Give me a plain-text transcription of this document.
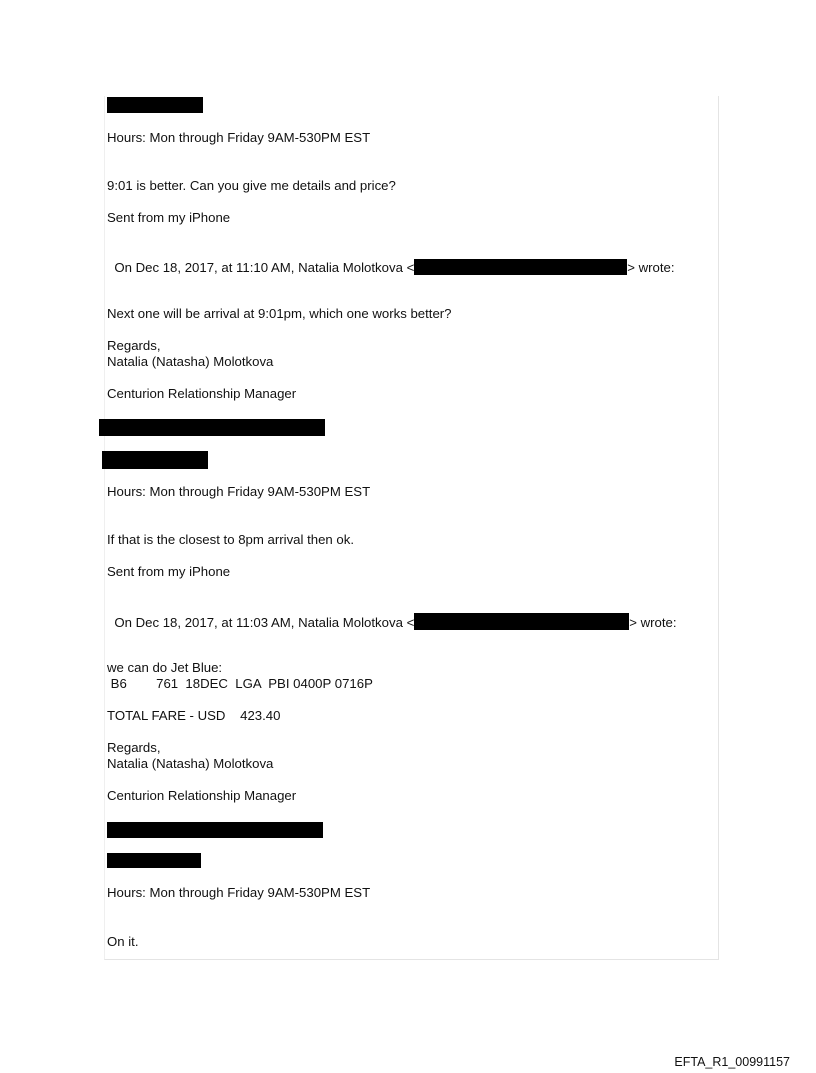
Hours: Mon through Friday 9AM-530PM EST
9:01 is better. Can you give me details and price?
Sent from my iPhone

On Dec 18, 2017, at 11:10 AM, Natalia Molotkova <	> wrote:

Next one will be arrival at 9:01pm, which one works better?
Regards,
Natalia (Natasha) Molotkova
Centurion Relationship Manager
Hours: Mon through Friday 9AM-530PM EST
If that is the closest to 8pm arrival then ok.
Sent from my iPhone

On Dec 18, 2017, at 11:03 AM, Natalia Molotkova <	> wrote:

we can do Jet Blue:
B6        761  18DEC  LGA  PBI 0400P 0716P
TOTAL FARE - USD    423.40
Regards,
Natalia (Natasha) Molotkova
Centurion Relationship Manager
Hours: Mon through Friday 9AM-530PM EST
On it.
EFTA_R1_00991157
